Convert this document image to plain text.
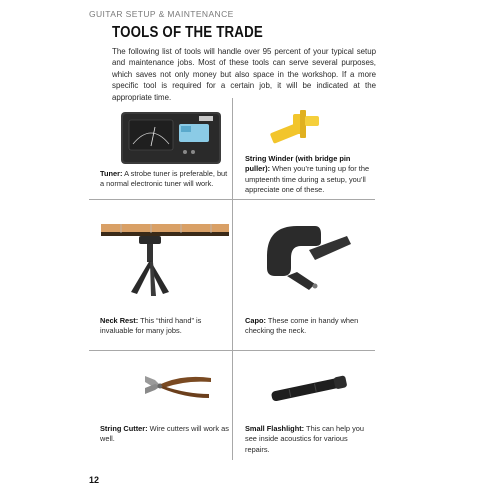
GUITAR SETUP & MAINTENANCE
TOOLS OF THE TRADE
The following list of tools will handle over 95 percent of your typical setup and maintenance jobs. Most of these tools can serve several purposes, which saves not only money but also space in the workshop. If a more specific tool is required for a certain job, it will be indicated at the appropriate time.
Tuner: A strobe tuner is preferable, but a normal electronic tuner will work.
String Winder (with bridge pin puller): When you’re tuning up for the umpteenth time during a setup, you’ll appreciate one of these.
Neck Rest: This “third hand” is invaluable for many jobs.
Capo: These come in handy when checking the neck.
String Cutter: Wire cutters will work as well.
Small Flashlight: This can help you see inside acoustics for various repairs.
12
